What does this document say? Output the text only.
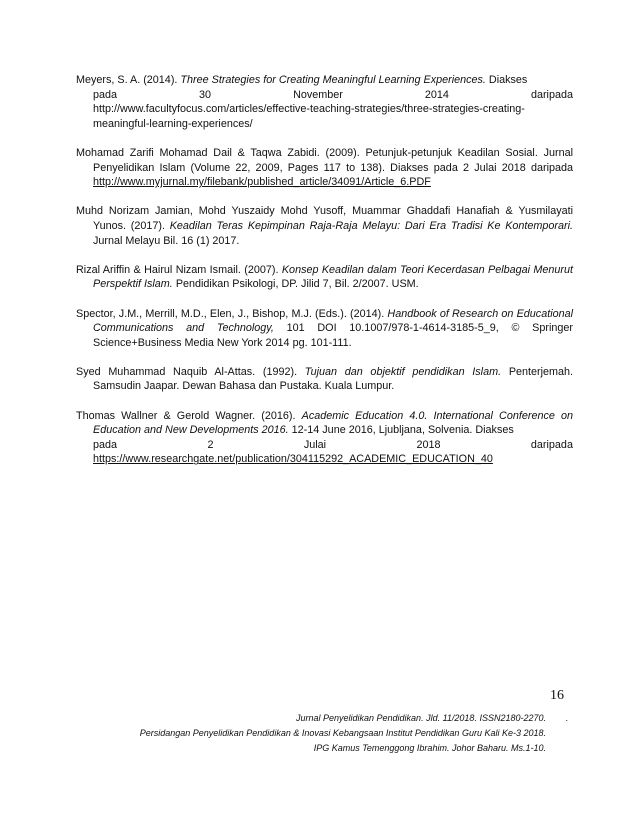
Meyers, S. A. (2014). Three Strategies for Creating Meaningful Learning Experiences. Diakses
pada	30	November	2014	daripada
http://www.facultyfocus.com/articles/effective-teaching-strategies/three-strategies-creating-
meaningful-learning-experiences/
Mohamad Zarifi Mohamad Dail & Taqwa Zabidi. (2009). Petunjuk-petunjuk Keadilan Sosial. Jurnal Penyelidikan Islam (Volume 22, 2009, Pages 117 to 138). Diakses pada 2 Julai 2018 daripada http://www.myjurnal.my/filebank/published_article/34091/Article_6.PDF
Muhd Norizam Jamian, Mohd Yuszaidy Mohd Yusoff, Muammar Ghaddafi Hanafiah & Yusmilayati Yunos. (2017). Keadilan Teras Kepimpinan Raja-Raja Melayu: Dari Era Tradisi Ke Kontemporari. Jurnal Melayu Bil. 16 (1) 2017.
Rizal Ariffin & Hairul Nizam Ismail. (2007). Konsep Keadilan dalam Teori Kecerdasan Pelbagai Menurut Perspektif Islam. Pendidikan Psikologi, DP. Jilid 7, Bil. 2/2007. USM.
Spector, J.M., Merrill, M.D., Elen, J., Bishop, M.J. (Eds.). (2014). Handbook of Research on Educational Communications and Technology, 101 DOI 10.1007/978-1-4614-3185-5_9, © Springer Science+Business Media New York 2014 pg. 101-111.
Syed Muhammad Naquib Al-Attas. (1992). Tujuan dan objektif pendidikan Islam. Penterjemah. Samsudin Jaapar. Dewan Bahasa dan Pustaka. Kuala Lumpur.
Thomas Wallner & Gerold Wagner. (2016). Academic Education 4.0. International Conference on Education and New Developments 2016. 12-14 June 2016, Ljubljana, Solvenia. Diakses
pada	2	Julai	2018	daripada
https://www.researchgate.net/publication/304115292_ACADEMIC_EDUCATION_40
16
Jurnal Penyelidikan Pendidikan. Jld. 11/2018. ISSN2180-2270. .
Persidangan Penyelidikan Pendidikan & Inovasi Kebangsaan Institut Pendidikan Guru Kali Ke-3 2018.
IPG Kamus Temenggong Ibrahim. Johor Baharu. Ms.1-10.
